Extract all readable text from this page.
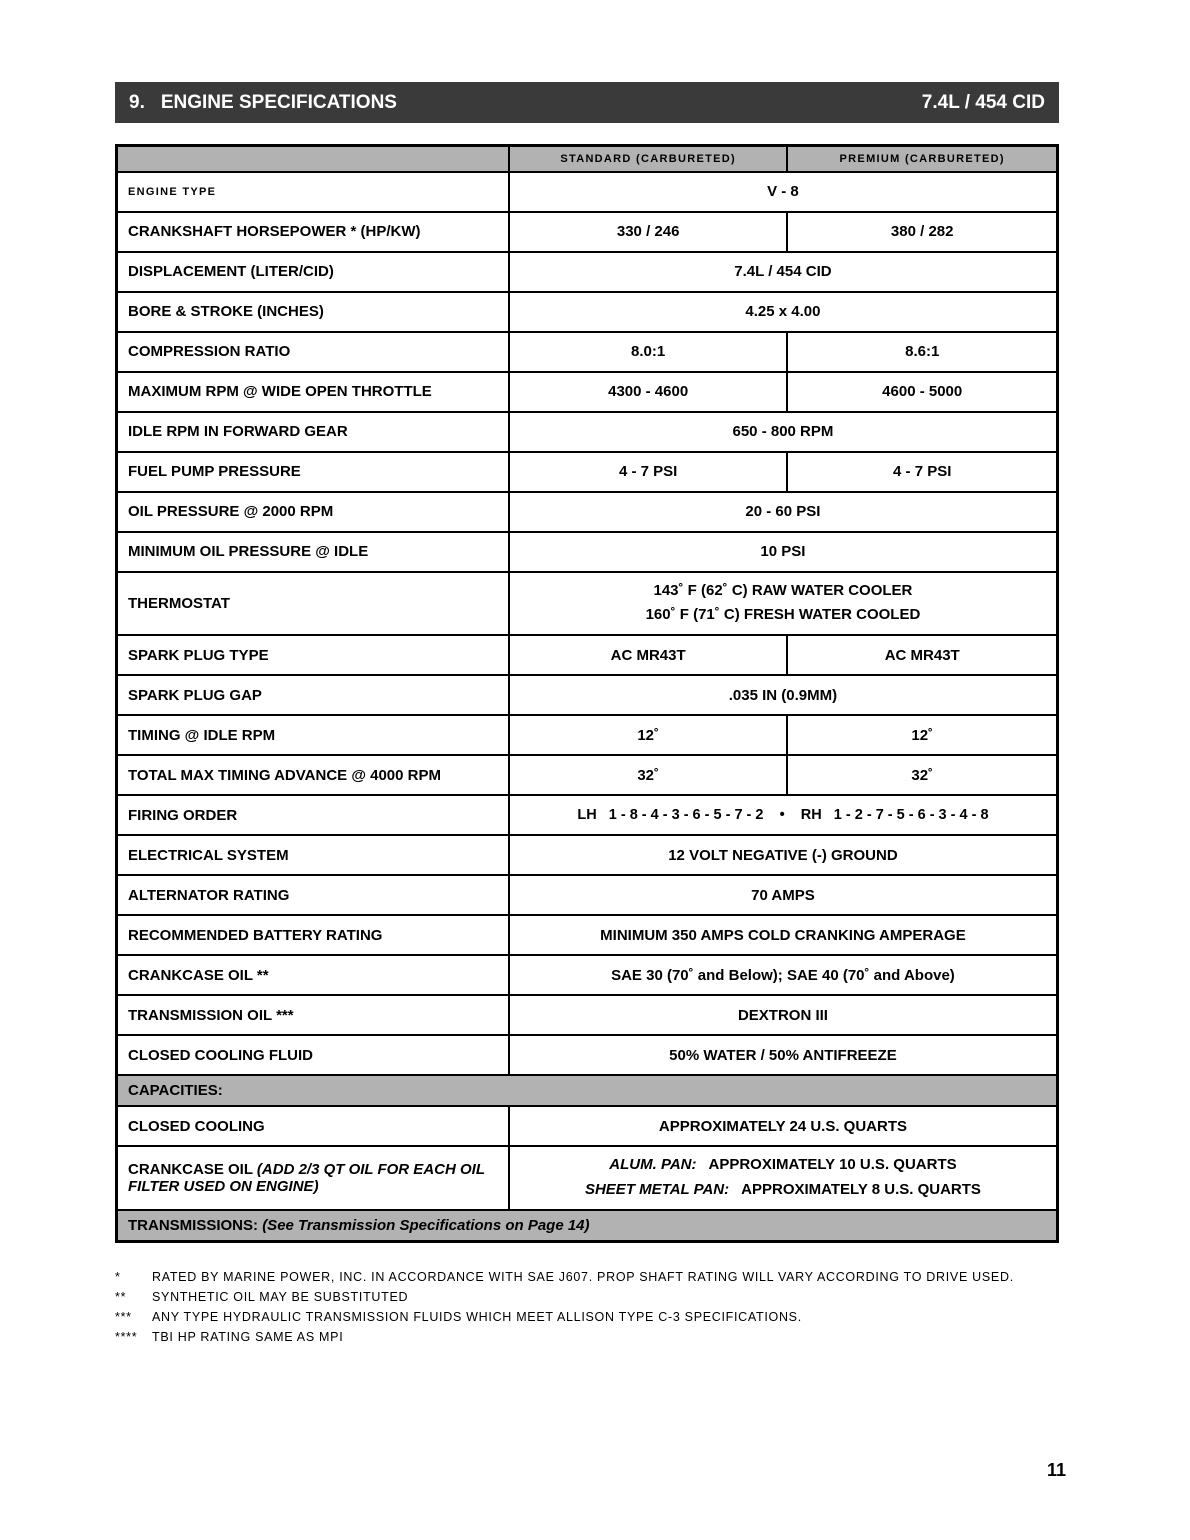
9. ENGINE SPECIFICATIONS	7.4L / 454 CID
	STANDARD (CARBURETED)	PREMIUM (CARBURETED)
ENGINE TYPE	V - 8	
CRANKSHAFT HORSEPOWER * (HP/KW)	330 / 246	380 / 282
DISPLACEMENT (LITER/CID)	7.4L / 454 CID	
BORE & STROKE (INCHES)	4.25 x 4.00	
COMPRESSION RATIO	8.0:1	8.6:1
MAXIMUM RPM @ WIDE OPEN THROTTLE	4300 - 4600	4600 - 5000
IDLE RPM IN FORWARD GEAR	650 - 800 RPM	
FUEL PUMP PRESSURE	4 - 7 PSI	4 - 7 PSI
OIL PRESSURE @ 2000 RPM	20 - 60 PSI	
MINIMUM OIL PRESSURE @ IDLE	10 PSI	
THERMOSTAT	143˚ F (62˚ C) RAW WATER COOLER
160˚ F (71˚ C) FRESH WATER COOLED	

SPARK PLUG TYPE	AC MR43T	AC MR43T
SPARK PLUG GAP	.035 IN (0.9MM)	
TIMING @ IDLE RPM	12˚	12˚
TOTAL MAX TIMING ADVANCE @ 4000 RPM	32˚	32˚
FIRING ORDER	LH   1 - 8 - 4 - 3 - 6 - 5 - 7 - 2    •    RH   1 - 2 - 7 - 5 - 6 - 3 - 4 - 8	
ELECTRICAL SYSTEM	12 VOLT NEGATIVE (-) GROUND	
ALTERNATOR RATING	70 AMPS	
RECOMMENDED BATTERY RATING	MINIMUM 350 AMPS COLD CRANKING AMPERAGE	
CRANKCASE OIL **	SAE 30 (70˚ and Below); SAE 40 (70˚ and Above)	
TRANSMISSION OIL ***	DEXTRON III	
CLOSED COOLING FLUID	50% WATER / 50% ANTIFREEZE	
CAPACITIES:		
CLOSED COOLING	APPROXIMATELY 24 U.S. QUARTS	
CRANKCASE OIL (ADD 2/3 QT OIL FOR EACH OIL FILTER USED ON ENGINE)	ALUM. PAN: APPROXIMATELY 10 U.S. QUARTS
SHEET METAL PAN: APPROXIMATELY 8 U.S. QUARTS	

TRANSMISSIONS: (See Transmission Specifications on Page 14)		
*	RATED BY MARINE POWER, INC. IN ACCORDANCE WITH SAE J607. PROP SHAFT RATING WILL VARY ACCORDING TO DRIVE USED.
**	SYNTHETIC OIL MAY BE SUBSTITUTED
***	ANY TYPE HYDRAULIC TRANSMISSION FLUIDS WHICH MEET ALLISON TYPE C-3 SPECIFICATIONS.
****	TBI HP RATING SAME AS MPI
11
